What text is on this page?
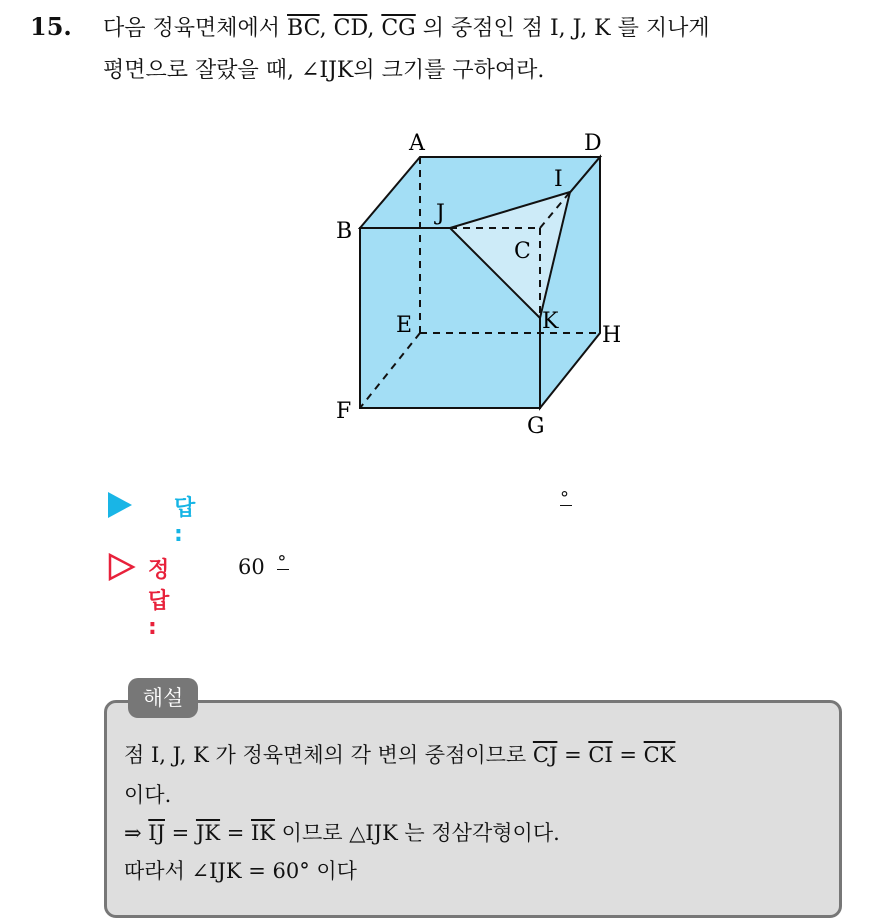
15. 다음 정육면체에서 $\overline{BC}$, $\overline{CD}$, $\overline{CG}$ 의 중점인 점 I, J, K 를 지나게
평면으로 잘랐을 때, ∠IJK의 크기를 구하여라.
A	D
B
J
I
C
E	K
H
F
G
답 :
°
정답 :
60 °
해설
점 I, J, K 가 정육면체의 각 변의 중점이므로 $\overline{CJ} = \overline{CI} = \overline{CK}$
이다.
⇒ $\overline{IJ} = \overline{JK} = \overline{IK}$ 이므로 △IJK 는 정삼각형이다.
따라서 ∠IJK = 60° 이다
